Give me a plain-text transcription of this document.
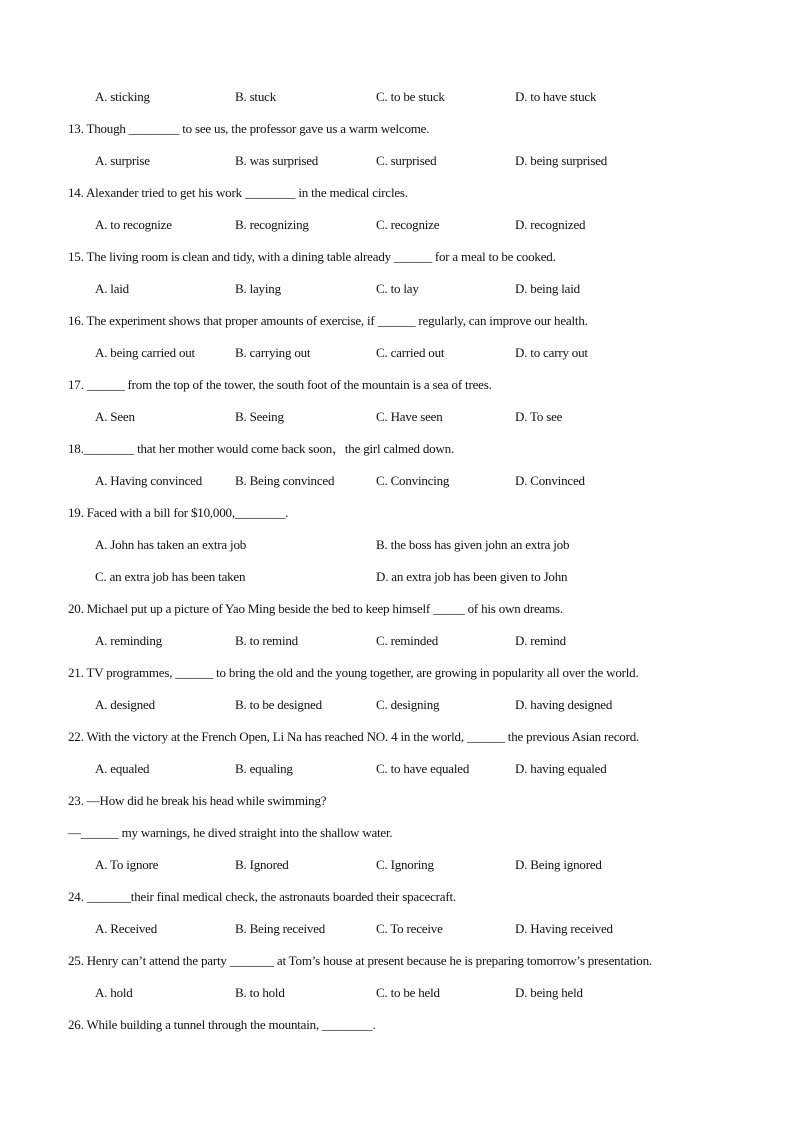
A. sticking	B. stuck	C. to be stuck	D. to have stuck
13. Though ________ to see us, the professor gave us a warm welcome.
A. surprise	B. was surprised	C. surprised	D. being surprised
14. Alexander tried to get his work ________ in the medical circles.
A. to recognize	B. recognizing	C. recognize	D. recognized
15. The living room is clean and tidy, with a dining table already ______ for a meal to be cooked.
A. laid	B. laying	C. to lay	D. being laid
16. The experiment shows that proper amounts of exercise, if ______ regularly, can improve our health.
A. being carried out	B. carrying out	C. carried out	D. to carry out
17. ______ from the top of the tower, the south foot of the mountain is a sea of trees.
A. Seen	B. Seeing	C. Have seen	D. To see
18.________ that her mother would come back soon，the girl calmed down.
A. Having convinced	B. Being convinced	C. Convincing	D. Convinced
19. Faced with a bill for $10,000,________.
A. John has taken an extra job	B. the boss has given john an extra job
C. an extra job has been taken	D. an extra job has been given to John
20. Michael put up a picture of Yao Ming beside the bed to keep himself _____ of his own dreams.
A. reminding	B. to remind	C. reminded	D. remind
21. TV programmes, ______ to bring the old and the young together, are growing in popularity all over the world.
A. designed	B. to be designed	C. designing	D. having designed
22. With the victory at the French Open, Li Na has reached NO. 4 in the world, ______ the previous Asian record.
A. equaled	B. equaling	C. to have equaled	D. having equaled
23. —How did he break his head while swimming?
—______ my warnings, he dived straight into the shallow water.
A. To ignore	B. Ignored	C. Ignoring	D. Being ignored
24. _______their final medical check, the astronauts boarded their spacecraft.
A. Received	B. Being received	C. To receive	D. Having received
25. Henry can’t attend the party _______ at Tom’s house at present because he is preparing tomorrow’s presentation.
A. hold	B. to hold	C. to be held	D. being held
26. While building a tunnel through the mountain, ________.
